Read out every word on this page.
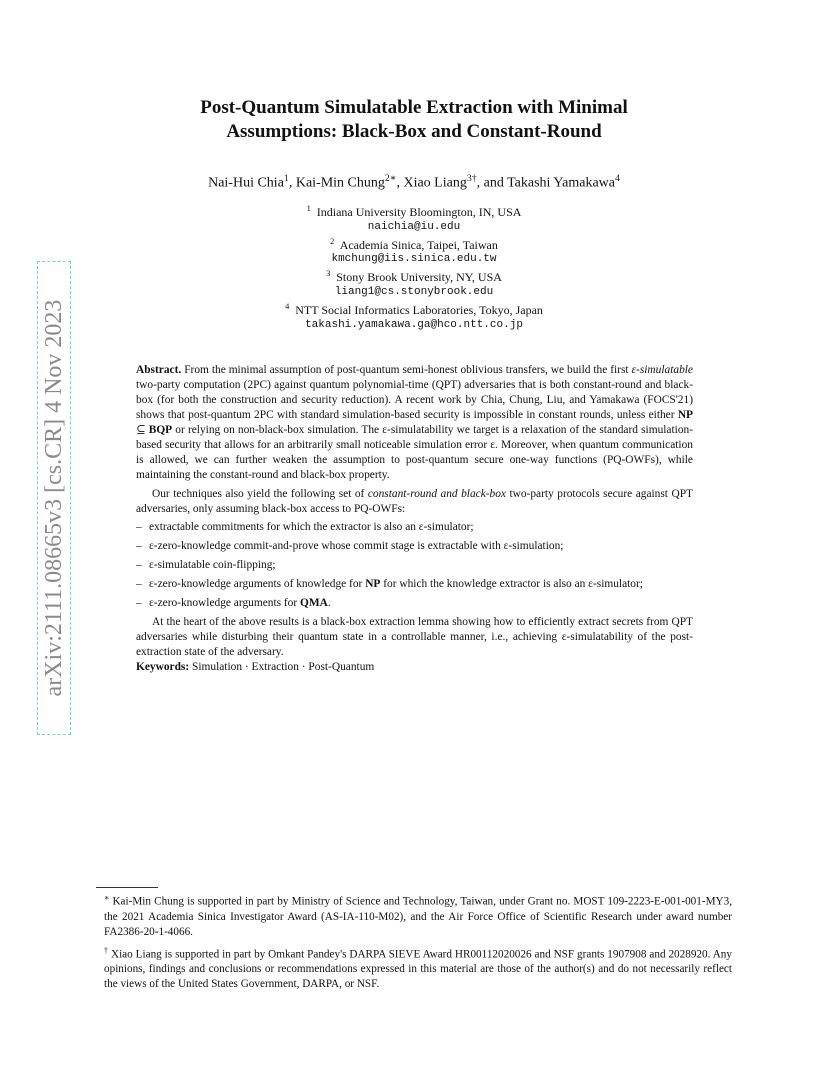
arXiv:2111.08665v3 [cs.CR] 4 Nov 2023
Post-Quantum Simulatable Extraction with Minimal
Assumptions: Black-Box and Constant-Round
Nai-Hui Chia$^1$, Kai-Min Chung$^{2∗}$, Xiao Liang$^{3\dagger}$, and Takashi Yamakawa$^4$
$^1$ Indiana University Bloomington, IN, USA
naichia@iu.edu
$^2$ Academia Sinica, Taipei, Taiwan
kmchung@iis.sinica.edu.tw
$^3$ Stony Brook University, NY, USA
liang1@cs.stonybrook.edu
$^4$ NTT Social Informatics Laboratories, Tokyo, Japan
takashi.yamakawa.ga@hco.ntt.co.jp

Abstract. From the minimal assumption of post-quantum semi-honest oblivious transfers, we build the first ε-simulatable two-party computation (2PC) against quantum polynomial-time (QPT) adversaries that is both constant-round and black-box (for both the construction and security reduction). A recent work by Chia, Chung, Liu, and Yamakawa (FOCS'21) shows that post-quantum 2PC with standard simulation-based security is impossible in constant rounds, unless either NP ⊆ BQP or relying on non-black-box simulation. The ε-simulatability we target is a relaxation of the standard simulation-based security that allows for an arbitrarily small noticeable simulation error ε. Moreover, when quantum communication is allowed, we can further weaken the assumption to post-quantum secure one-way functions (PQ-OWFs), while maintaining the constant-round and black-box property.

Our techniques also yield the following set of constant-round and black-box two-party protocols secure against QPT adversaries, only assuming black-box access to PQ-OWFs:

– extractable commitments for which the extractor is also an ε-simulator;
– ε-zero-knowledge commit-and-prove whose commit stage is extractable with ε-simulation;
– ε-simulatable coin-flipping;
– ε-zero-knowledge arguments of knowledge for NP for which the knowledge extractor is also an ε-simulator;
– ε-zero-knowledge arguments for QMA.

At the heart of the above results is a black-box extraction lemma showing how to efficiently extract secrets from QPT adversaries while disturbing their quantum state in a controllable manner, i.e., achieving ε-simulatability of the post-extraction state of the adversary.

Keywords: Simulation · Extraction · Post-Quantum

∗ Kai-Min Chung is supported in part by Ministry of Science and Technology, Taiwan, under Grant no. MOST 109-2223-E-001-001-MY3, the 2021 Academia Sinica Investigator Award (AS-IA-110-M02), and the Air Force Office of Scientific Research under award number FA2386-20-1-4066.

† Xiao Liang is supported in part by Omkant Pandey's DARPA SIEVE Award HR00112020026 and NSF grants 1907908 and 2028920. Any opinions, findings and conclusions or recommendations expressed in this material are those of the author(s) and do not necessarily reflect the views of the United States Government, DARPA, or NSF.
